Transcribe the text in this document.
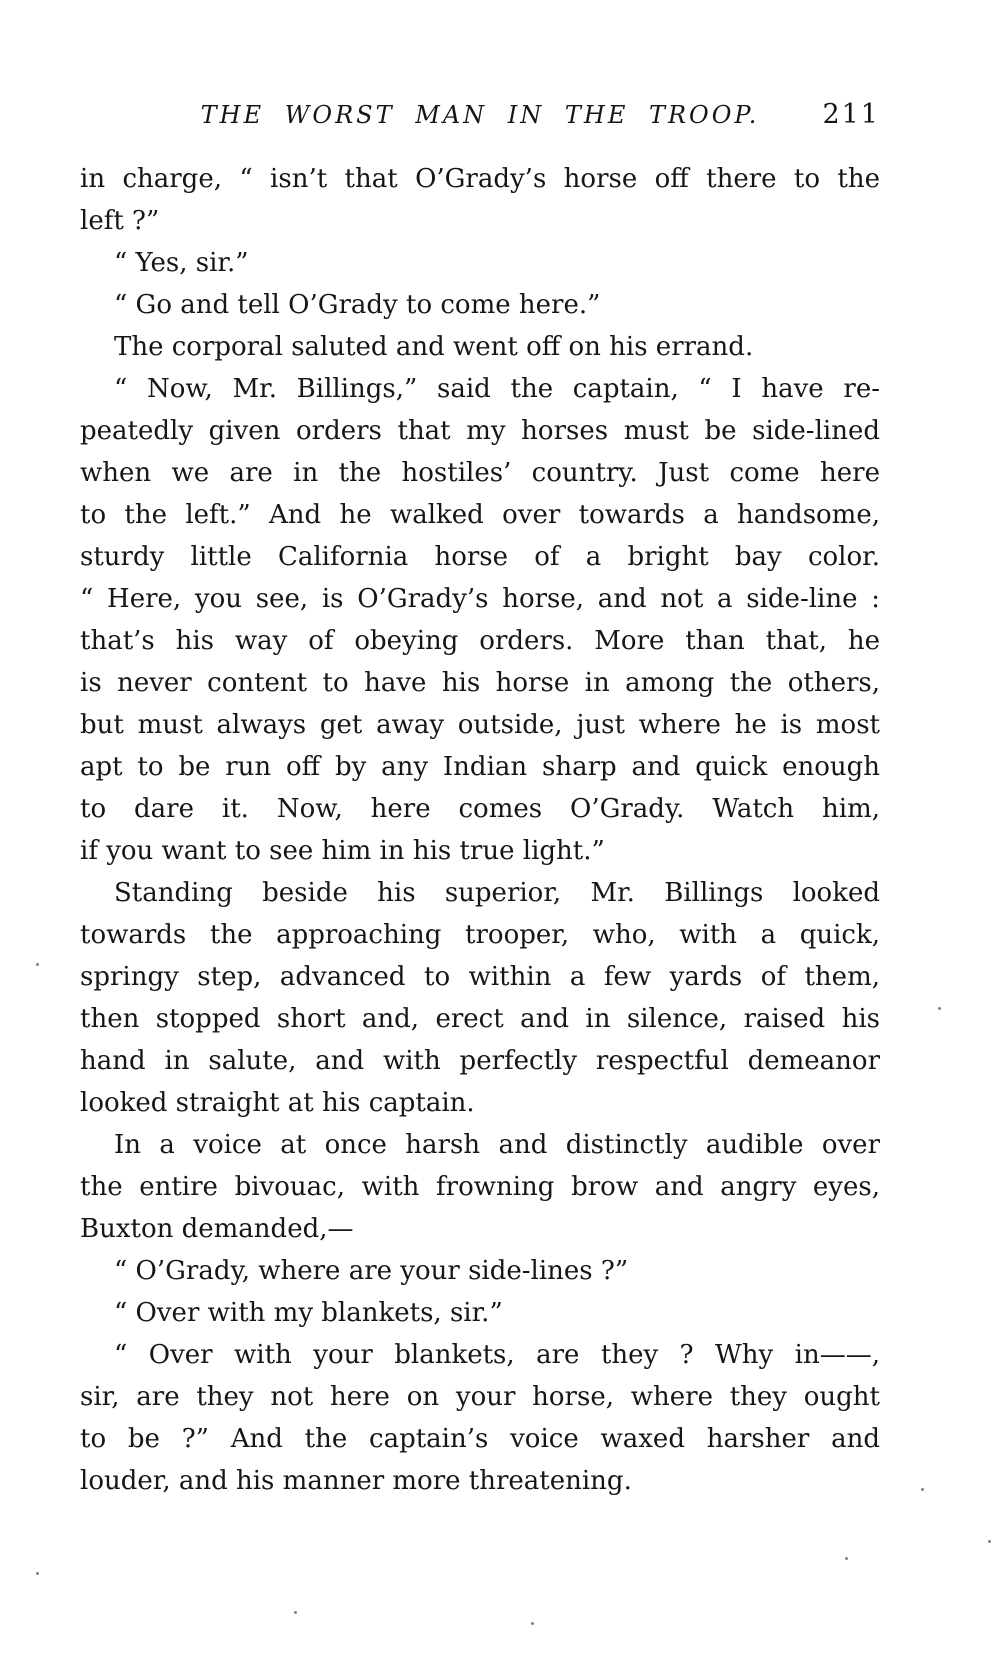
THE WORST MAN IN THE TROOP. 211
in charge, “ isn’t that O’Grady’s horse off there to the
left ?”
“ Yes, sir.”
“ Go and tell O’Grady to come here.”
The corporal saluted and went off on his errand.
“ Now, Mr. Billings,” said the captain, “ I have re-
peatedly given orders that my horses must be side-lined
when we are in the hostiles’ country. Just come here
to the left.” And he walked over towards a handsome,
sturdy little California horse of a bright bay color.
“ Here, you see, is O’Grady’s horse, and not a side-line :
that’s his way of obeying orders. More than that, he
is never content to have his horse in among the others,
but must always get away outside, just where he is most
apt to be run off by any Indian sharp and quick enough
to dare it. Now, here comes O’Grady. Watch him,
if you want to see him in his true light.”
Standing beside his superior, Mr. Billings looked
towards the approaching trooper, who, with a quick,
springy step, advanced to within a few yards of them,
then stopped short and, erect and in silence, raised his
hand in salute, and with perfectly respectful demeanor
looked straight at his captain.
In a voice at once harsh and distinctly audible over
the entire bivouac, with frowning brow and angry eyes,
Buxton demanded,—
“ O’Grady, where are your side-lines ?”
“ Over with my blankets, sir.”
“ Over with your blankets, are they ? Why in——,
sir, are they not here on your horse, where they ought
to be ?” And the captain’s voice waxed harsher and
louder, and his manner more threatening.
